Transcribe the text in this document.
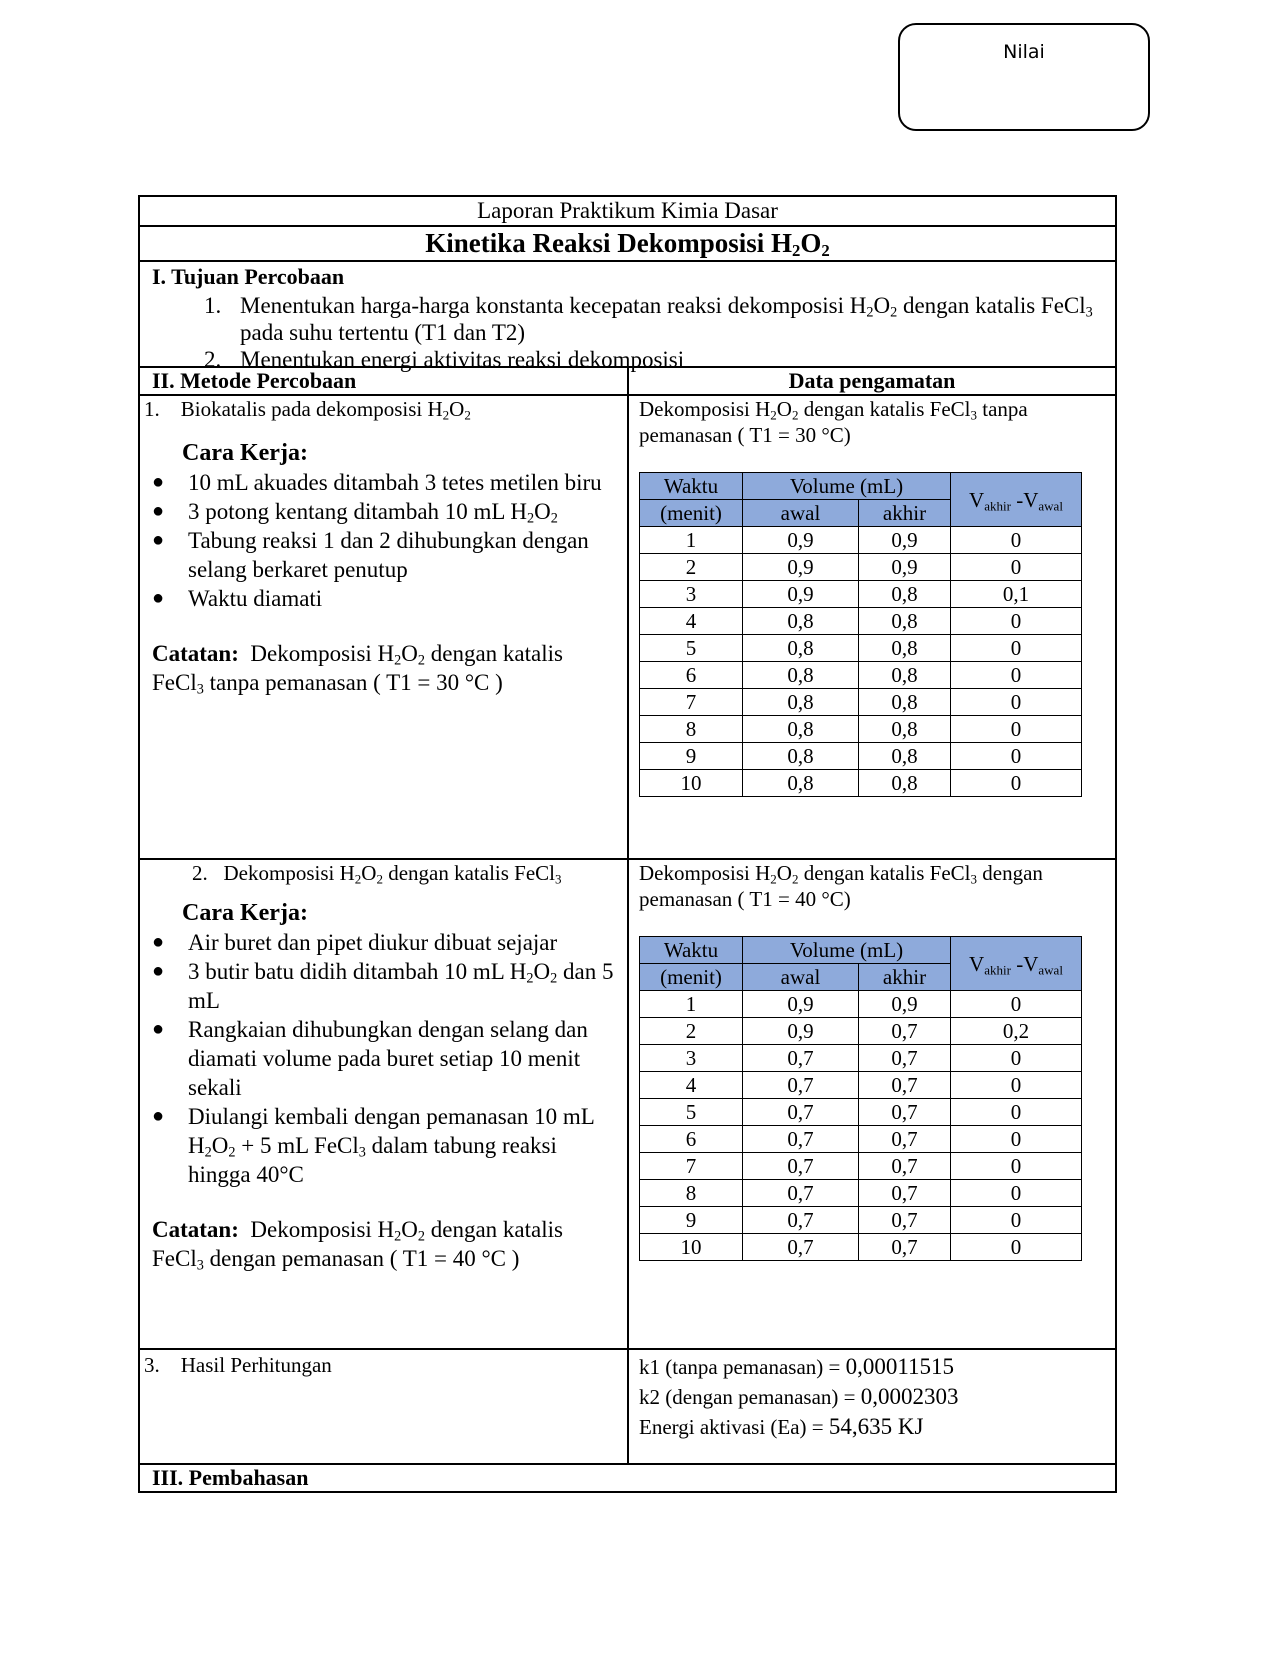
Nilai
Laporan Praktikum Kimia Dasar
Kinetika Reaksi Dekomposisi $H_2O_2$
I. Tujuan Percobaan
1. Menentukan harga-harga konstanta kecepatan reaksi dekomposisi $H_2O_2$ dengan katalis FeCl$_3$ pada suhu tertentu (T1 dan T2)
2. Menentukan energi aktivitas reaksi dekomposisi
II. Metode Percobaan	Data pengamatan
1. Biokatalis pada dekomposisi $H_2O_2$
Cara Kerja:
● 10 mL akuades ditambah 3 tetes metilen biru
● 3 potong kentang ditambah 10 mL $H_2O_2$
● Tabung reaksi 1 dan 2 dihubungkan dengan selang berkaret penutup
● Waktu diamati
Catatan:  Dekomposisi $H_2O_2$ dengan katalis FeCl$_3$ tanpa pemanasan ( T1 = 30 °C )
Dekomposisi $H_2O_2$ dengan katalis FeCl$_3$ tanpa pemanasan ( T1 = 30 °C)
Waktu	Volume (mL)		$V_{akhir}$ $-V_{awal}$
(menit)	awal	akhir	
1	0,9	0,9	0
2	0,9	0,9	0
3	0,9	0,8	0,1
4	0,8	0,8	0
5	0,8	0,8	0
6	0,8	0,8	0
7	0,8	0,8	0
8	0,8	0,8	0
9	0,8	0,8	0
10	0,8	0,8	0
2. Dekomposisi $H_2O_2$ dengan katalis FeCl$_3$
Cara Kerja:
● Air buret dan pipet diukur dibuat sejajar
● 3 butir batu didih ditambah 10 mL $H_2O_2$ dan 5 mL
● Rangkaian dihubungkan dengan selang dan diamati volume pada buret setiap 10 menit sekali
● Diulangi kembali dengan pemanasan 10 mL $H_2O_2 + 5$ mL FeCl$_3$ dalam tabung reaksi hingga 40°C
Catatan:  Dekomposisi $H_2O_2$ dengan katalis FeCl$_3$ dengan pemanasan ( T1 = 40 °C )
Dekomposisi $H_2O_2$ dengan katalis FeCl$_3$ dengan pemanasan ( T1 = 40 °C)
Waktu	Volume (mL)		$V_{akhir}$ $-V_{awal}$
(menit)	awal	akhir	
1	0,9	0,9	0
2	0,9	0,7	0,2
3	0,7	0,7	0
4	0,7	0,7	0
5	0,7	0,7	0
6	0,7	0,7	0
7	0,7	0,7	0
8	0,7	0,7	0
9	0,7	0,7	0
10	0,7	0,7	0
3. Hasil Perhitungan	k1 (tanpa pemanasan) = 0,00011515
k2 (dengan pemanasan) = 0,0002303
Energi aktivasi (Ea) = 54,635 KJ
III. Pembahasan
